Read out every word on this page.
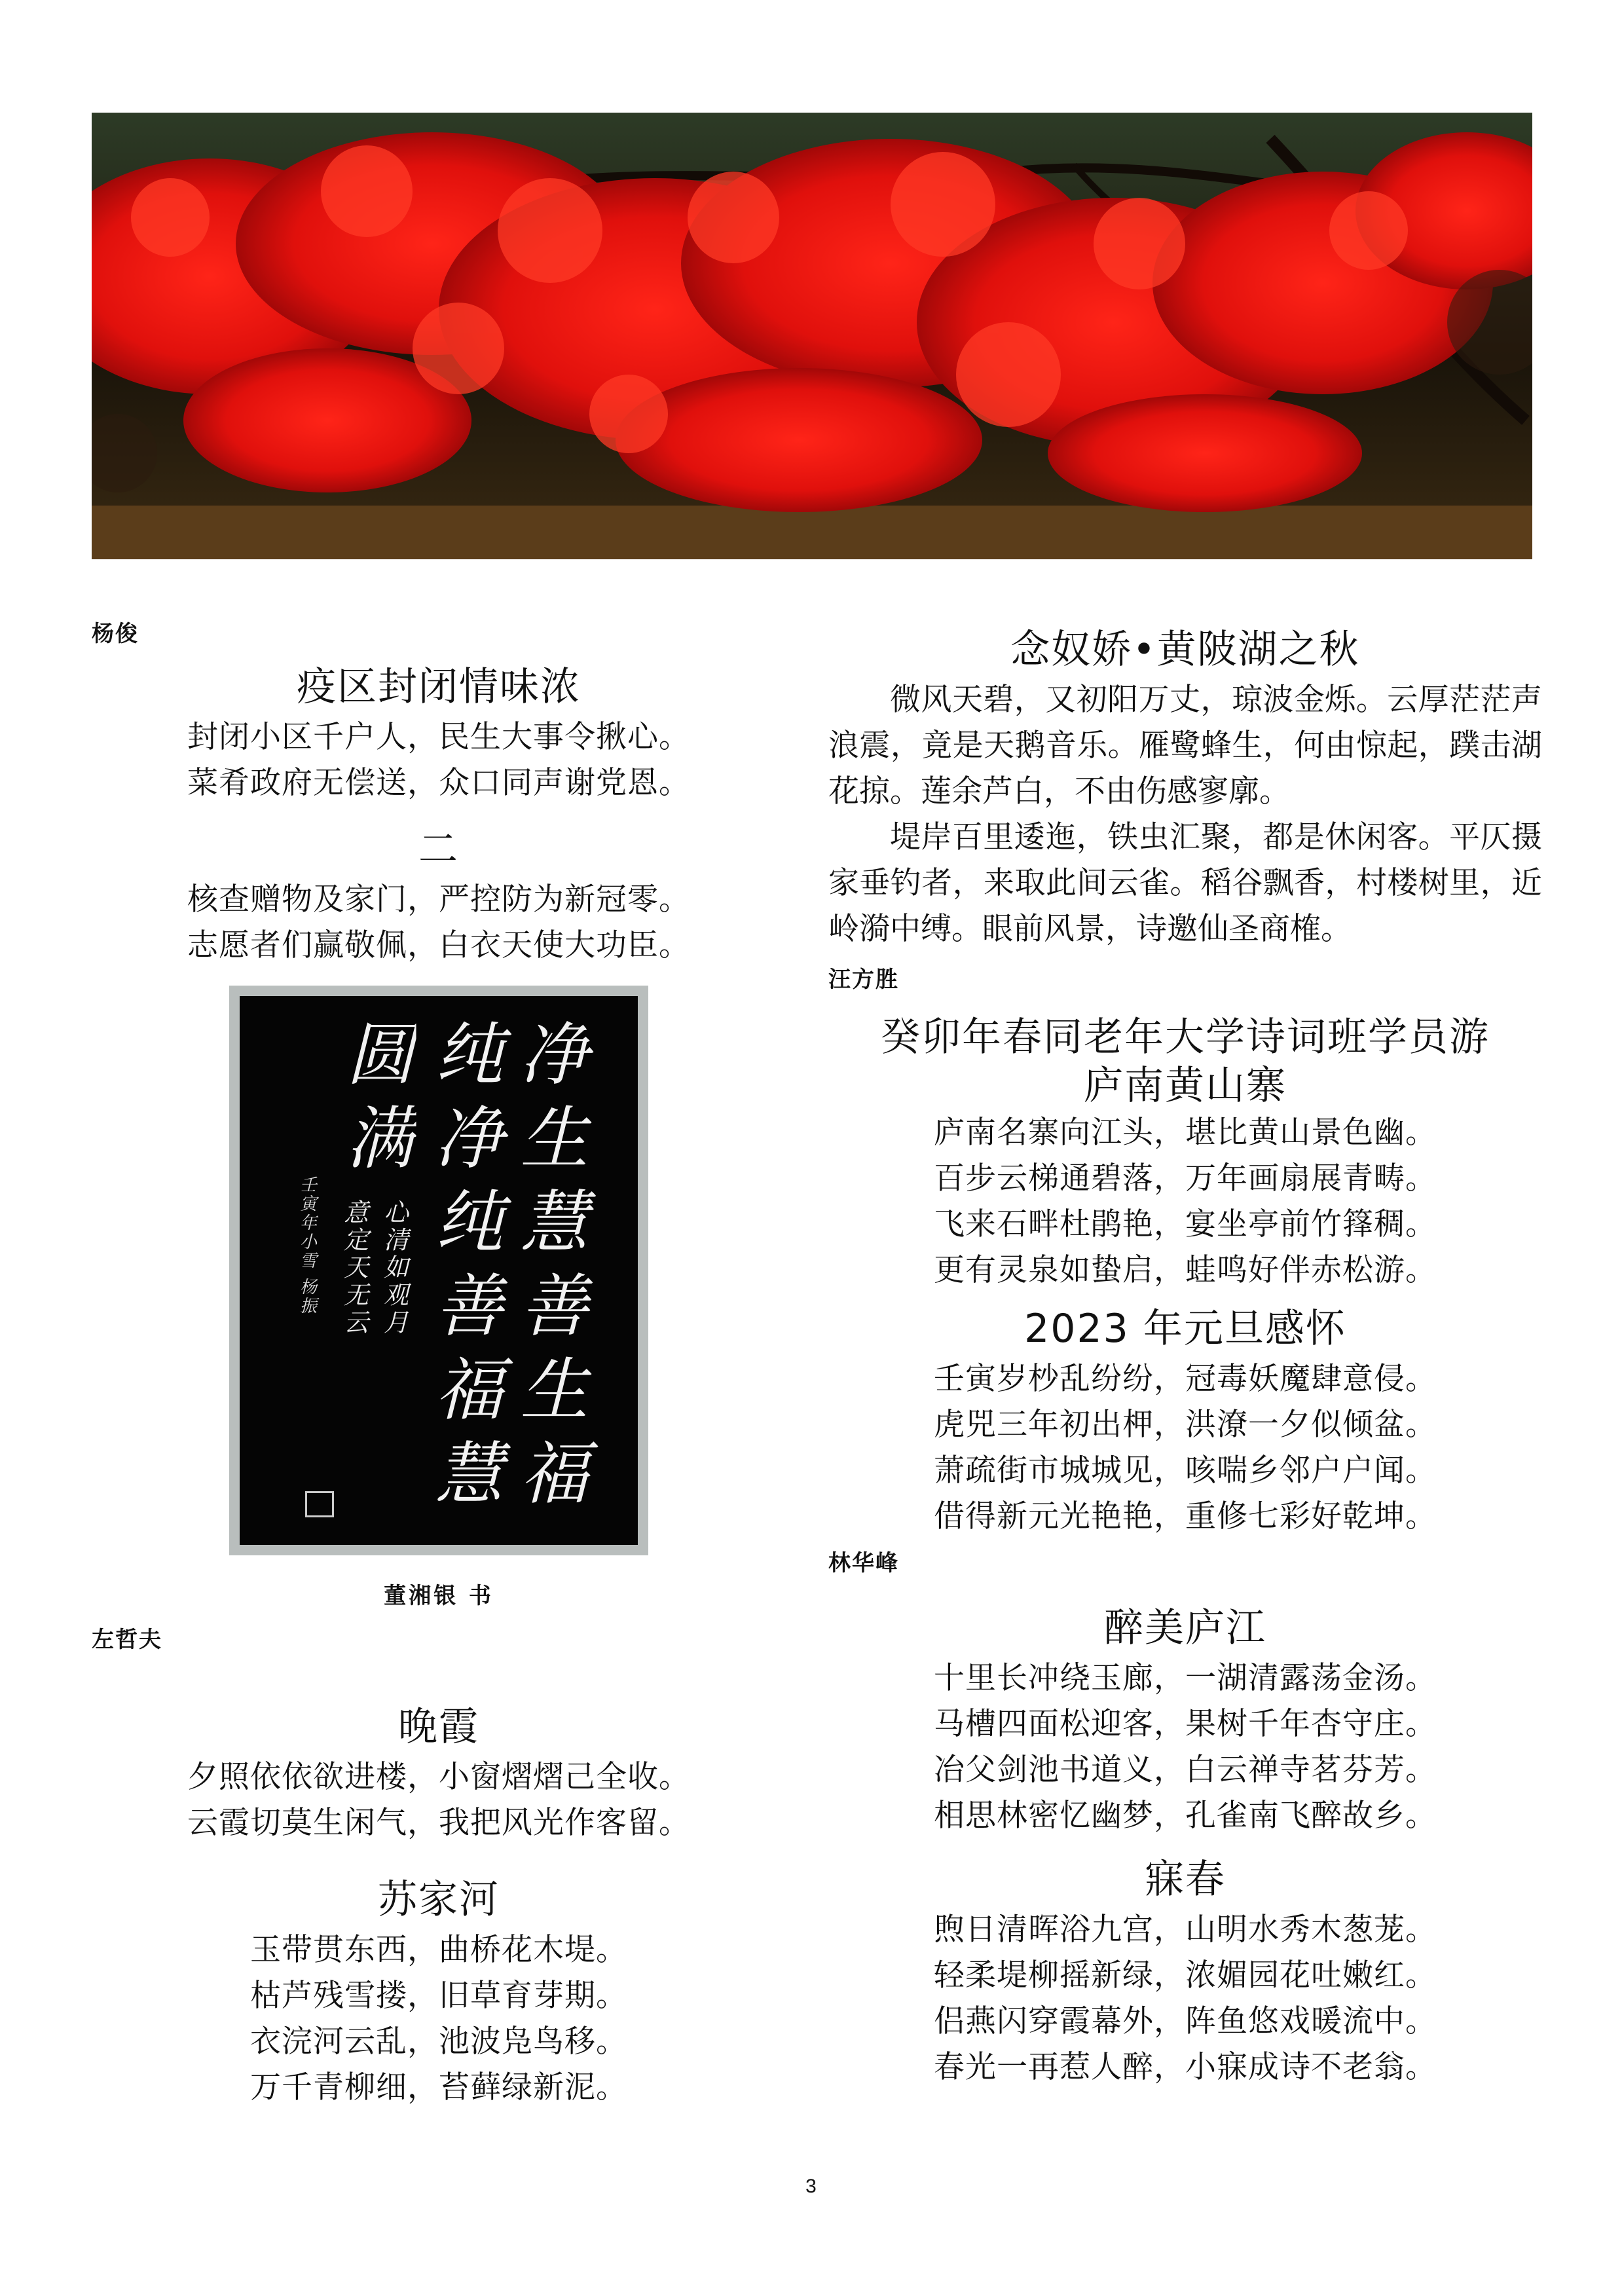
杨俊

疫区封闭情味浓

封闭小区千户人，民生大事令揪心。

菜肴政府无偿送，众口同声谢党恩。

二

核查赠物及家门，严控防为新冠零。

志愿者们赢敬佩，白衣天使大功臣。

净生慧善生福
纯净纯善福慧
圆满
心清如观月
意定天无云
壬寅年小雪 杨振

董湘银 书

左哲夫

晚霞

夕照依依欲进楼，小窗熠熠己全收。

云霞切莫生闲气，我把风光作客留。

苏家河

玉带贯东西，曲桥花木堤。

枯芦残雪搂，旧草育芽期。

衣浣河云乱，池波凫鸟移。

万千青柳细，苔藓绿新泥。

念奴娇•黄陂湖之秋

微风天碧，又初阳万丈，琼波金烁。云厚茫茫声浪震，竟是天鹅音乐。雁鹭蜂生，何由惊起，蹼击湖花掠。莲余芦白，不由伤感寥廓。

堤岸百里逶迤，铁虫汇聚，都是休闲客。平仄摄家垂钓者，来取此间云雀。稻谷飘香，村楼树里，近岭漪中缚。眼前风景，诗邀仙圣商榷。

汪方胜

癸卯年春同老年大学诗词班学员游
庐南黄山寨

庐南名寨向江头，堪比黄山景色幽。

百步云梯通碧落，万年画扇展青畴。

飞来石畔杜鹃艳，宴坐亭前竹箨稠。

更有灵泉如蛰启，蛙鸣好伴赤松游。

2023 年元旦感怀

壬寅岁杪乱纷纷，冠毒妖魔肆意侵。

虎兕三年初出柙，洪潦一夕似倾盆。

萧疏街市城城见，咳喘乡邻户户闻。

借得新元光艳艳，重修七彩好乾坤。

林华峰

醉美庐江

十里长冲绕玉廊，一湖清露荡金汤。

马槽四面松迎客，果树千年杏守庄。

冶父剑池书道义，白云禅寺茗芬芳。

相思林密忆幽梦，孔雀南飞醉故乡。

寐春

煦日清晖浴九宫，山明水秀木葱茏。

轻柔堤柳摇新绿，浓媚园花吐嫩红。

侣燕闪穿霞幕外，阵鱼悠戏暖流中。

春光一再惹人醉，小寐成诗不老翁。

3
